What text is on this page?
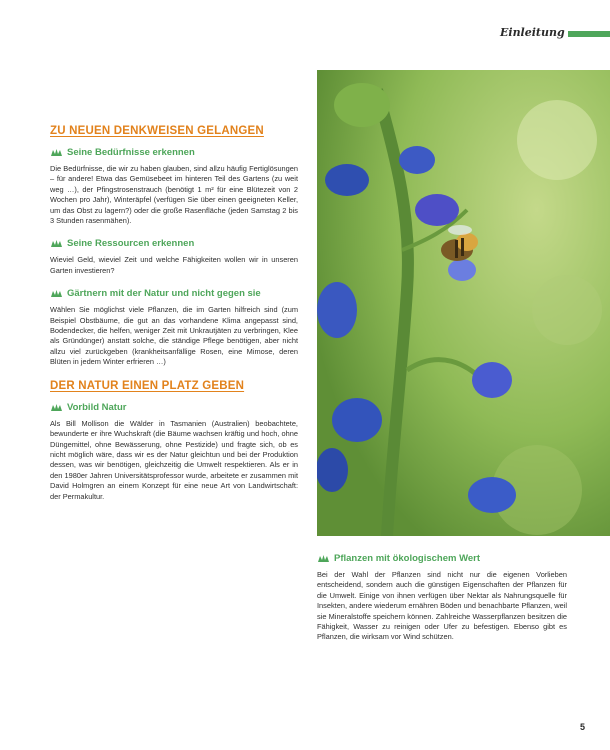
Einleitung
ZU NEUEN DENKWEISEN GELANGEN
Seine Bedürfnisse erkennen

Die Bedürfnisse, die wir zu haben glauben, sind allzu häufig Fertiglösungen – für andere! Etwa das Gemüsebeet im hinteren Teil des Gartens (zu weit weg …), der Pfingstrosenstrauch (benötigt 1 m² für eine Blütezeit von 2 Wochen pro Jahr), Winteräpfel (verfügen Sie über einen geeigneten Keller, um das Obst zu lagern?) oder die große Rasenfläche (jeden Samstag 2 bis 3 Stunden rasenmähen).

Seine Ressourcen erkennen

Wieviel Geld, wieviel Zeit und welche Fähigkeiten wollen wir in unseren Garten investieren?

Gärtnern mit der Natur und nicht gegen sie

Wählen Sie möglichst viele Pflanzen, die im Garten hilfreich sind (zum Beispiel Obstbäume, die gut an das vorhandene Klima angepasst sind, Bodendecker, die helfen, weniger Zeit mit Unkrautjäten zu verbringen, Klee als Gründünger) anstatt solche, die ständige Pflege benötigen, aber nicht allzu viel zurückgeben (krankheitsanfällige Rosen, eine Mimose, deren Blüten in jedem Winter erfrieren …)

DER NATUR EINEN PLATZ GEBEN
Vorbild Natur

Als Bill Mollison die Wälder in Tasmanien (Australien) beobachtete, bewunderte er ihre Wuchskraft (die Bäume wachsen kräftig und hoch, ohne Düngemittel, ohne Bewässerung, ohne Pestizide) und fragte sich, ob es nicht möglich wäre, dass wir es der Natur gleichtun und bei der Produktion dessen, was wir benötigen, gleichzeitig die Umwelt respektieren. Als er in den 1980er Jahren Universitätsprofessor wurde, arbeitete er zusammen mit David Holmgren an einem Konzept für eine neue Art von Landwirtschaft: der Permakultur.

Pflanzen mit ökologischem Wert

Bei der Wahl der Pflanzen sind nicht nur die eigenen Vorlieben entscheidend, sondern auch die günstigen Eigenschaften der Pflanzen für die Umwelt. Einige von ihnen verfügen über Nektar als Nahrungsquelle für Insekten, andere wiederum ernähren Böden und benachbarte Pflanzen, weil sie Mineralstoffe speichern können. Zahlreiche Wasserpflanzen besitzen die Fähigkeit, Wasser zu reinigen oder Ufer zu befestigen. Ebenso gibt es Pflanzen, die wirksam vor Wind schützen.

5
